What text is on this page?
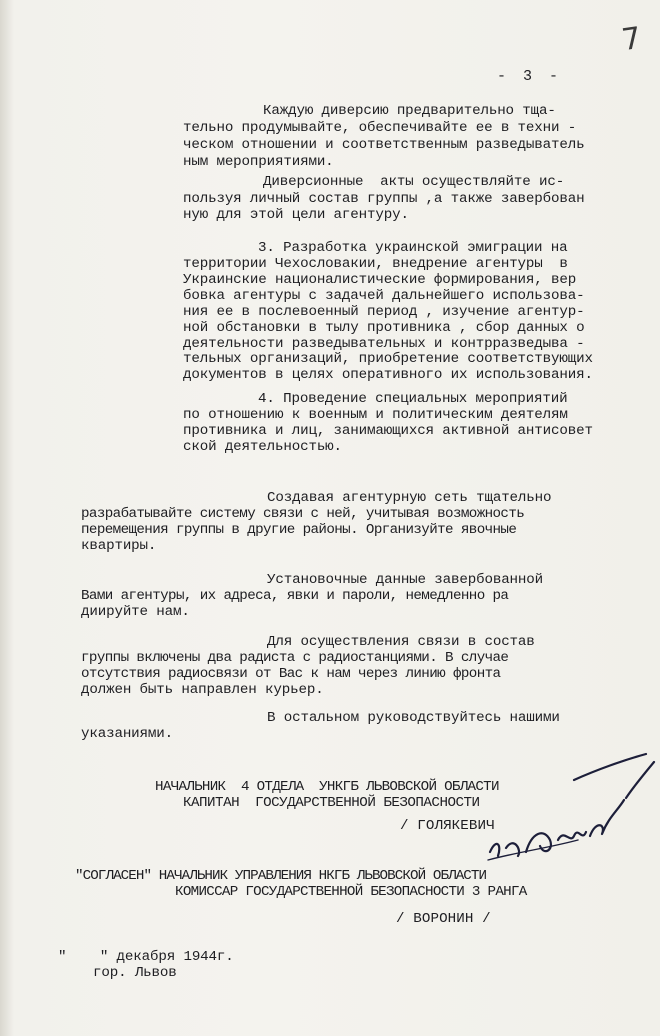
7
- 3 -
Каждую диверсию предварительно тща-
тельно продумывайте, обеспечивайте ее в техни -
ческом отношении и соответственным разведыватель
ным мероприятиями.
Диверсионные  акты осуществляйте ис-
пользуя личный состав группы ,а также завербован
ную для этой цели агентуру.
3. Разработка украинской эмиграции на
территории Чехословакии, внедрение агентуры  в
Украинские националистические формирования, вер
бовка агентуры с задачей дальнейшего использова-
ния ее в послевоенный период , изучение агентур-
ной обстановки в тылу противника , сбор данных о
деятельности разведывательных и контрразведыва -
тельных организаций, приобретение соответствующих
документов в целях оперативного их использования.
4. Проведение специальных мероприятий
по отношению к военным и политическим деятелям
противника и лиц, занимающихся активной антисовет
ской деятельностью.
Создавая агентурную сеть тщательно
разрабатывайте систему связи с ней, учитывая возможность
перемещения группы в другие районы. Организуйте явочные
квартиры.
Установочные данные завербованной
Вами агентуры, их адреса, явки и пароли, немедленно ра
диируйте нам.
Для осуществления связи в состав
группы включены два радиста с радиостанциями. В случае
отсутствия радиосвязи от Вас к нам через линию фронта
должен быть направлен курьер.
В остальном руководствуйтесь нашими
указаниями.
НАЧАЛЬНИК  4 ОТДЕЛА  УНКГБ ЛЬВОВСКОЙ ОБЛАСТИ
КАПИТАН  ГОСУДАРСТВЕННОЙ БЕЗОПАСНОСТИ
/ ГОЛЯКЕВИЧ
"СОГЛАСЕН" НАЧАЛЬНИК УПРАВЛЕНИЯ НКГБ ЛЬВОВСКОЙ ОБЛАСТИ
КОМИССАР ГОСУДАРСТВЕННОЙ БЕЗОПАСНОСТИ 3 РАНГА
/ ВОРОНИН /
"    " декабря 1944г.
гор. Львов
